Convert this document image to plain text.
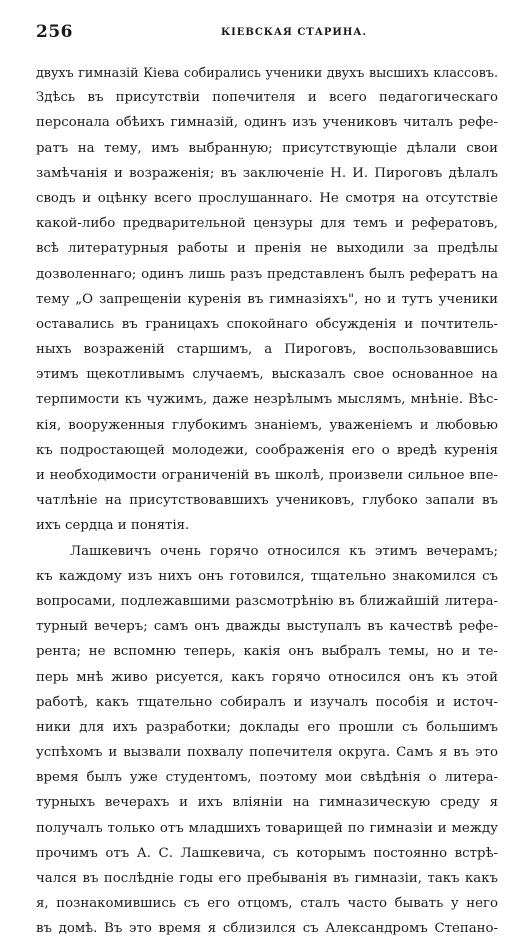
256	КІЕВСКАЯ СТАРИНА.
двухъ гимназій Кіева собирались ученики двухъ высшихъ классовъ.
Здѣсь въ присутствіи попечителя и всего педагогическаго
персонала обѣихъ гимназій, одинъ изъ учениковъ читалъ рефе-
ратъ на тему, имъ выбранную; присутствующіе дѣлали свои
замѣчанія и возраженія; въ заключеніе Н. И. Пироговъ дѣлалъ
сводъ и оцѣнку всего прослушаннаго. Не смотря на отсутствіе
какой-либо предварительной цензуры для темъ и рефератовъ,
всѣ литературныя работы и пренія не выходили за предѣлы
дозволеннаго; одинъ лишь разъ представленъ былъ рефератъ на
тему „О запрещеніи куренія въ гимназіяхъ", но и тутъ ученики
оставались въ границахъ спокойнаго обсужденія и почтитель-
ныхъ возраженій старшимъ, а Пироговъ, воспользовавшись
этимъ щекотливымъ случаемъ, высказалъ свое основанное на
терпимости къ чужимъ, даже незрѣлымъ мыслямъ, мнѣніе. Вѣс-
кія, вооруженныя глубокимъ знаніемъ, уваженіемъ и любовью
къ подростающей молодежи, соображенія его о вредѣ куренія
и необходимости ограниченій въ школѣ, произвели сильное впе-
чатлѣніе на присутствовавшихъ учениковъ, глубоко запали въ
ихъ сердца и понятія.
Лашкевичъ очень горячо относился къ этимъ вечерамъ;
къ каждому изъ нихъ онъ готовился, тщательно знакомился съ
вопросами, подлежавшими разсмотрѣнію въ ближайшій литера-
турный вечеръ; самъ онъ дважды выступалъ въ качествѣ рефе-
рента; не вспомню теперь, какія онъ выбралъ темы, но и те-
перь мнѣ живо рисуется, какъ горячо относился онъ къ этой
работѣ, какъ тщательно собиралъ и изучалъ пособія и источ-
ники для ихъ разработки; доклады его прошли съ большимъ
успѣхомъ и вызвали похвалу попечителя округа. Самъ я въ это
время былъ уже студентомъ, поэтому мои свѣдѣнія о литера-
турныхъ вечерахъ и ихъ вліяніи на гимназическую среду я
получалъ только отъ младшихъ товарищей по гимназіи и между
прочимъ отъ А. С. Лашкевича, съ которымъ постоянно встрѣ-
чался въ послѣдніе годы его пребыванія въ гимназіи, такъ какъ
я, познакомившись съ его отцомъ, сталъ часто бывать у него
въ домѣ. Въ это время я сблизился съ Александромъ Степано-
